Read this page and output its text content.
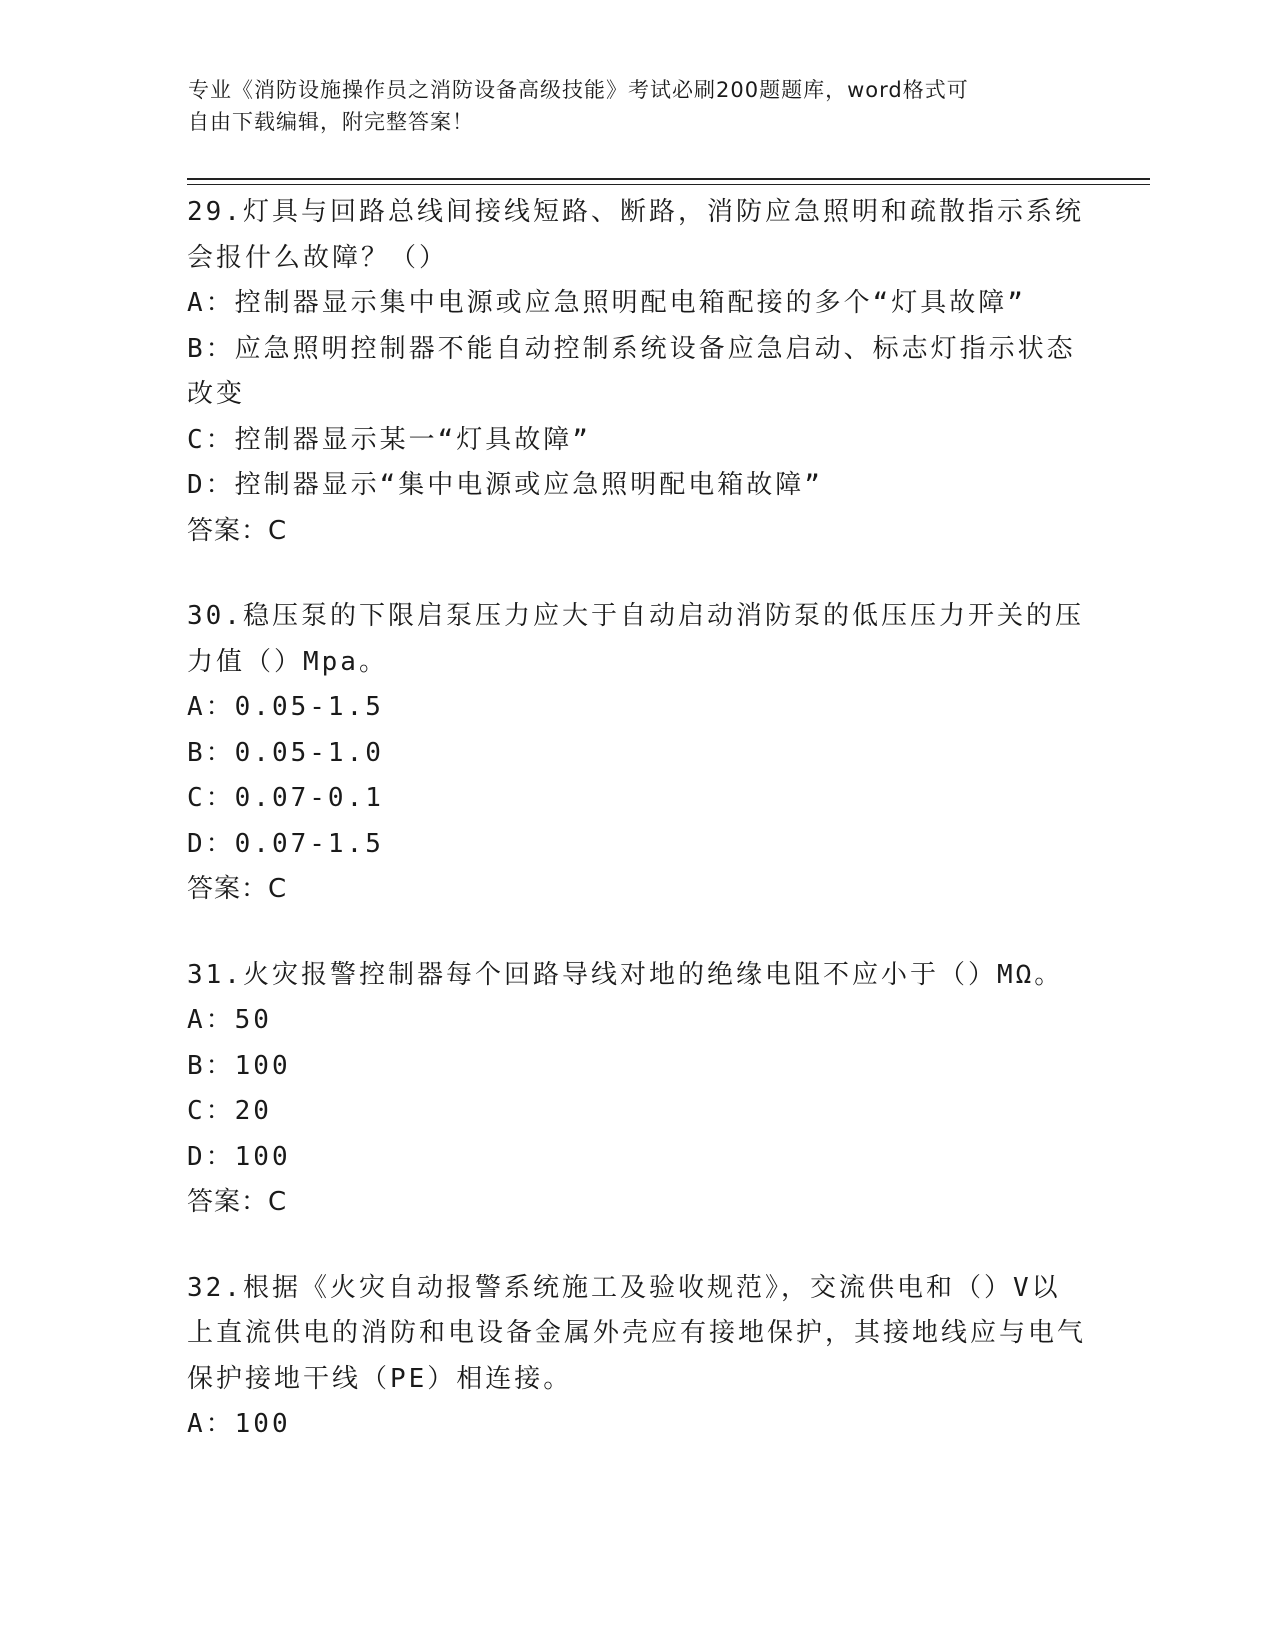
专业《消防设施操作员之消防设备高级技能》考试必刷200题题库，word格式可
自由下载编辑，附完整答案！
29.灯具与回路总线间接线短路、断路，消防应急照明和疏散指示系统会报什么故障？（）
A：控制器显示集中电源或应急照明配电箱配接的多个“灯具故障”
B：应急照明控制器不能自动控制系统设备应急启动、标志灯指示状态改变
C：控制器显示某一“灯具故障”
D：控制器显示“集中电源或应急照明配电箱故障”
答案：C
30.稳压泵的下限启泵压力应大于自动启动消防泵的低压压力开关的压力值（）Mpa。
A：0.05-1.5
B：0.05-1.0
C：0.07-0.1
D：0.07-1.5
答案：C
31.火灾报警控制器每个回路导线对地的绝缘电阻不应小于（）MΩ。
A：50
B：100
C：20
D：100
答案：C
32.根据《火灾自动报警系统施工及验收规范》，交流供电和（）V以上直流供电的消防和电设备金属外壳应有接地保护，其接地线应与电气保护接地干线（PE）相连接。
A：100
